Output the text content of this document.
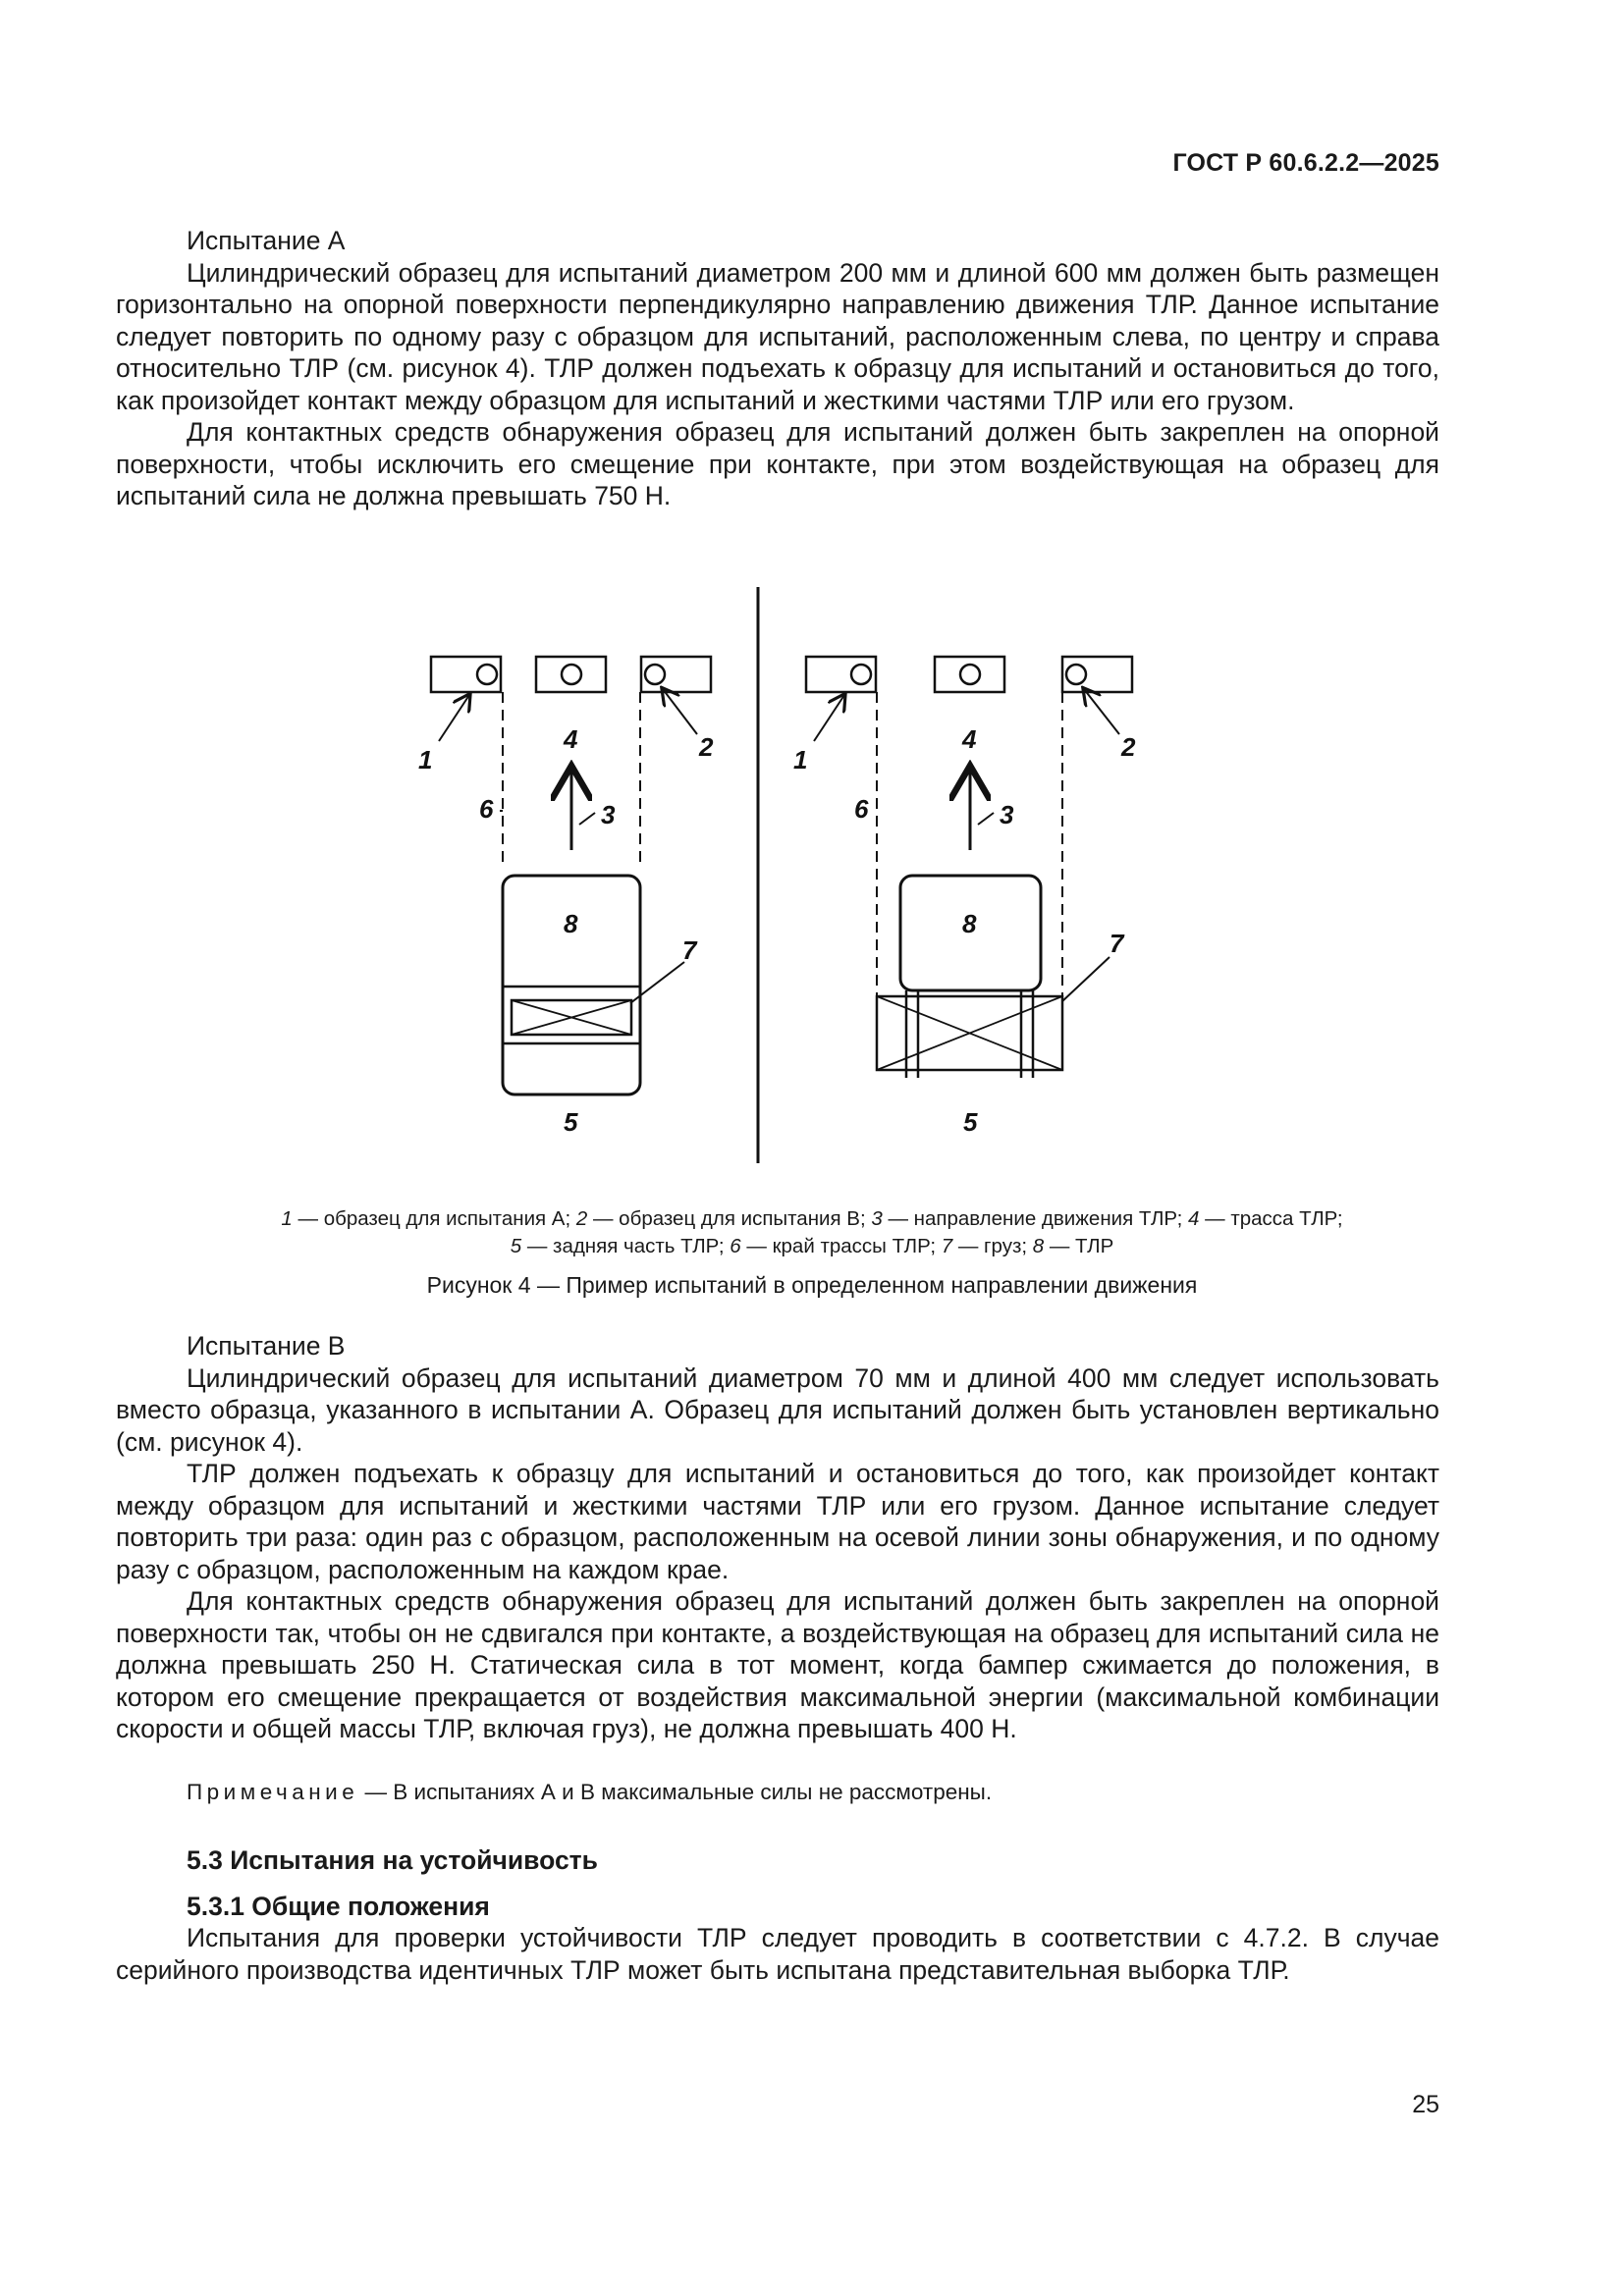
ГОСТ Р 60.6.2.2—2025

Испытание А

Цилиндрический образец для испытаний диаметром 200 мм и длиной 600 мм должен быть размещен горизонтально на опорной поверхности перпендикулярно направлению движения ТЛР. Данное испытание следует повторить по одному разу с образцом для испытаний, расположенным слева, по центру и справа относительно ТЛР (см. рисунок 4). ТЛР должен подъехать к образцу для испытаний и остановиться до того, как произойдет контакт между образцом для испытаний и жесткими частями ТЛР или его грузом.

Для контактных средств обнаружения образец для испытаний должен быть закреплен на опорной поверхности, чтобы исключить его смещение при контакте, при этом воздействующая на образец для испытаний сила не должна превышать 750 Н.

1	2
4
6	3
8
7
5
1	2
4
6	3
8
7
5
1 — образец для испытания А; 2 — образец для испытания В; 3 — направление движения ТЛР; 4 — трасса ТЛР;
5 — задняя часть ТЛР; 6 — край трассы ТЛР; 7 — груз; 8 — ТЛР
Рисунок 4 — Пример испытаний в определенном направлении движения

Испытание В

Цилиндрический образец для испытаний диаметром 70 мм и длиной 400 мм следует использовать вместо образца, указанного в испытании А. Образец для испытаний должен быть установлен вертикально (см. рисунок 4).

ТЛР должен подъехать к образцу для испытаний и остановиться до того, как произойдет контакт между образцом для испытаний и жесткими частями ТЛР или его грузом. Данное испытание следует повторить три раза: один раз с образцом, расположенным на осевой линии зоны обнаружения, и по одному разу с образцом, расположенным на каждом крае.

Для контактных средств обнаружения образец для испытаний должен быть закреплен на опорной поверхности так, чтобы он не сдвигался при контакте, а воздействующая на образец для испытаний сила не должна превышать 250 Н. Статическая сила в тот момент, когда бампер сжимается до положения, в котором его смещение прекращается от воздействия максимальной энергии (максимальной комбинации скорости и общей массы ТЛР, включая груз), не должна превышать 400 Н.

Примечание — В испытаниях А и В максимальные силы не рассмотрены.
5.3 Испытания на устойчивость
5.3.1 Общие положения

Испытания для проверки устойчивости ТЛР следует проводить в соответствии с 4.7.2. В случае серийного производства идентичных ТЛР может быть испытана представительная выборка ТЛР.

25
